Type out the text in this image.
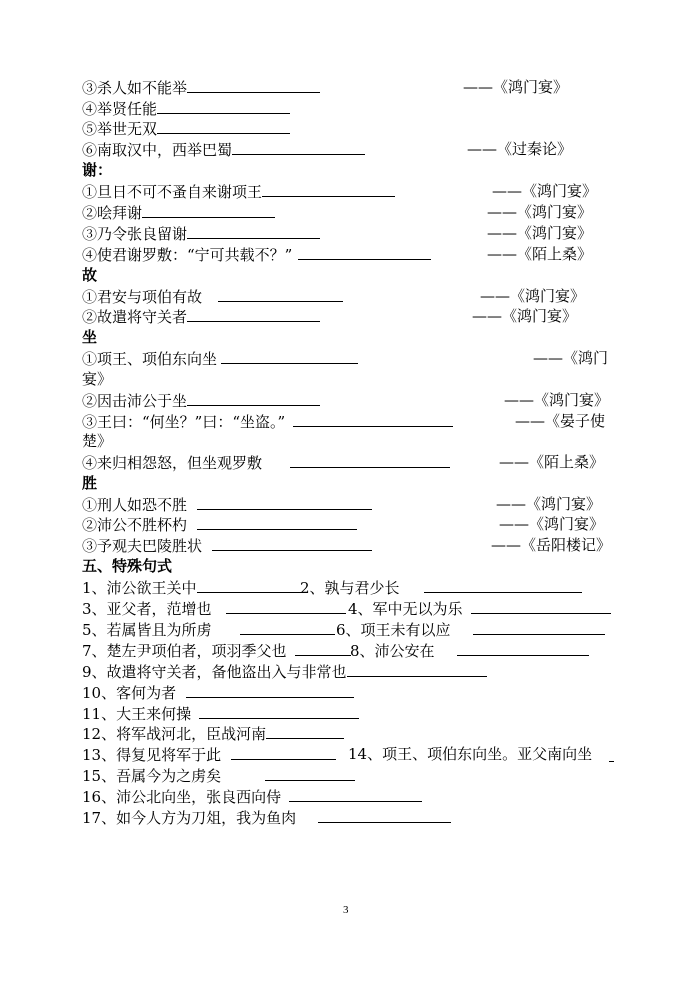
③杀人如不能举	——《鸿门宴》
④举贤任能
⑤举世无双
⑥南取汉中，西举巴蜀	——《过秦论》
谢：
①旦日不可不蚤自来谢项王	——《鸿门宴》
②哙拜谢	——《鸿门宴》
③乃令张良留谢	——《鸿门宴》
④使君谢罗敷：“宁可共载不？”	——《陌上桑》
故
①君安与项伯有故	——《鸿门宴》
②故遣将守关者	——《鸿门宴》
坐
①项王、项伯东向坐	——《鸿门
宴》
②因击沛公于坐	——《鸿门宴》
③王曰：“何坐？”曰：“坐盗。”	——《晏子使
楚》
④来归相怨怒，但坐观罗敷	——《陌上桑》
胜
①刑人如恐不胜	——《鸿门宴》
②沛公不胜杯杓	——《鸿门宴》
③予观夫巴陵胜状	——《岳阳楼记》
五、特殊句式
1、沛公欲王关中	2、孰与君少长
3、亚父者，范增也	4、军中无以为乐
5、若属皆且为所虏	6、项王未有以应
7、楚左尹项伯者，项羽季父也	8、沛公安在
9、故遣将守关者，备他盗出入与非常也
10、客何为者
11、大王来何操
12、将军战河北，臣战河南
13、得复见将军于此	14、项王、项伯东向坐。亚父南向坐
15、吾属今为之虏矣
16、沛公北向坐，张良西向侍
17、如今人方为刀俎，我为鱼肉
3
